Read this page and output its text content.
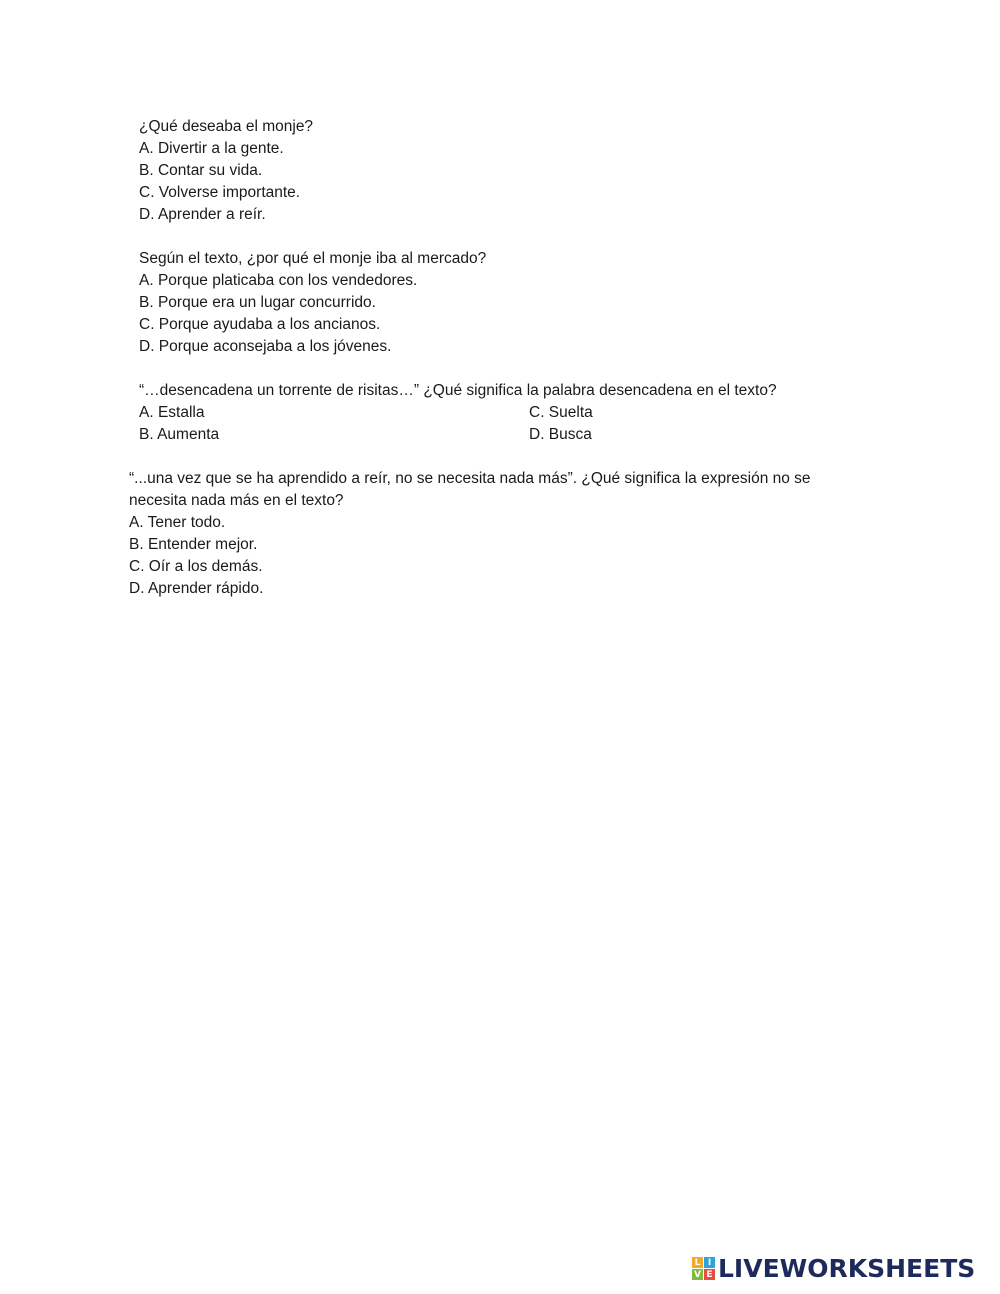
¿Qué deseaba el monje?
A. Divertir a la gente.
B. Contar su vida.
C. Volverse importante.
D. Aprender a reír.
Según el texto, ¿por qué el monje iba al mercado?
A. Porque platicaba con los vendedores.
B. Porque era un lugar concurrido.
C. Porque ayudaba a los ancianos.
D. Porque aconsejaba a los jóvenes.
“…desencadena un torrente de risitas…” ¿Qué significa la palabra desencadena en el texto?
A. Estalla	C. Suelta
B. Aumenta	D. Busca
“...una vez que se ha aprendido a reír, no se necesita nada más”. ¿Qué significa la expresión no se
necesita nada más en el texto?
A. Tener todo.
B. Entender mejor.
C. Oír a los demás.
D. Aprender rápido.
L I
V E LIVEWORKSHEETS
